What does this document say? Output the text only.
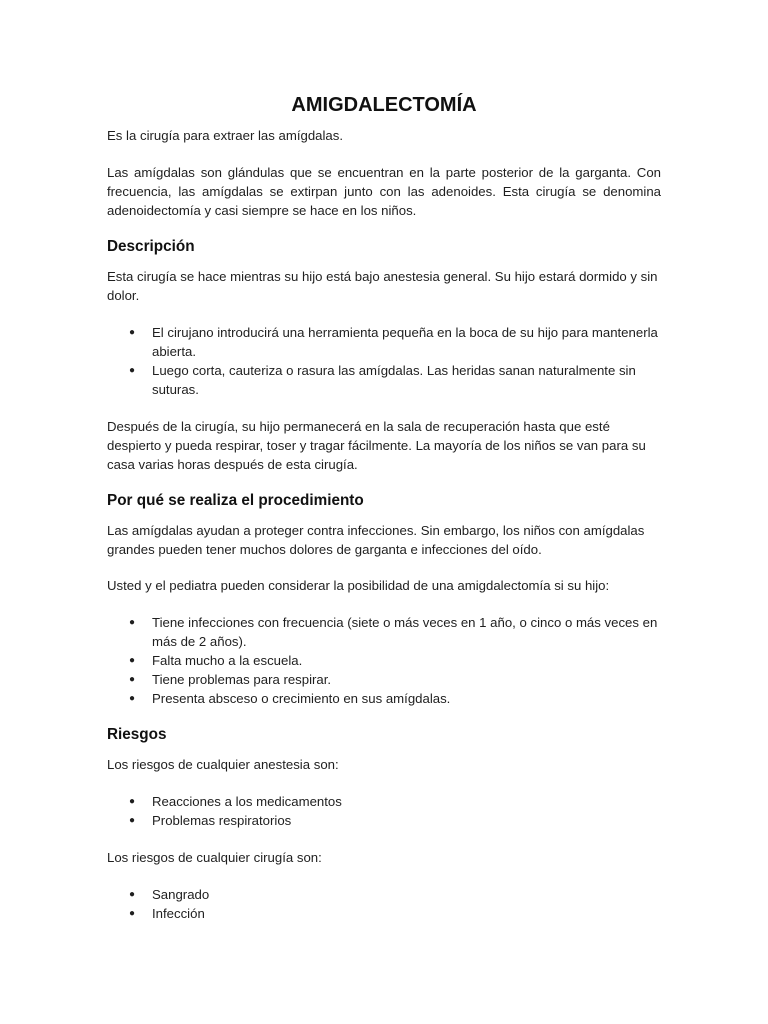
AMIGDALECTOMÍA

Es la cirugía para extraer las amígdalas.

Las amígdalas son glándulas que se encuentran en la parte posterior de la garganta. Con frecuencia, las amígdalas se extirpan junto con las adenoides. Esta cirugía se denomina adenoidectomía y casi siempre se hace en los niños.

Descripción

Esta cirugía se hace mientras su hijo está bajo anestesia general. Su hijo estará dormido y sin dolor.

● El cirujano introducirá una herramienta pequeña en la boca de su hijo para mantenerla abierta.
● Luego corta, cauteriza o rasura las amígdalas. Las heridas sanan naturalmente sin suturas.

Después de la cirugía, su hijo permanecerá en la sala de recuperación hasta que esté despierto y pueda respirar, toser y tragar fácilmente. La mayoría de los niños se van para su casa varias horas después de esta cirugía.

Por qué se realiza el procedimiento

Las amígdalas ayudan a proteger contra infecciones. Sin embargo, los niños con amígdalas grandes pueden tener muchos dolores de garganta e infecciones del oído.

Usted y el pediatra pueden considerar la posibilidad de una amigdalectomía si su hijo:

● Tiene infecciones con frecuencia (siete o más veces en 1 año, o cinco o más veces en más de 2 años).
● Falta mucho a la escuela.
● Tiene problemas para respirar.
● Presenta absceso o crecimiento en sus amígdalas.
Riesgos

Los riesgos de cualquier anestesia son:

● Reacciones a los medicamentos
● Problemas respiratorios

Los riesgos de cualquier cirugía son:

● Sangrado
● Infección
